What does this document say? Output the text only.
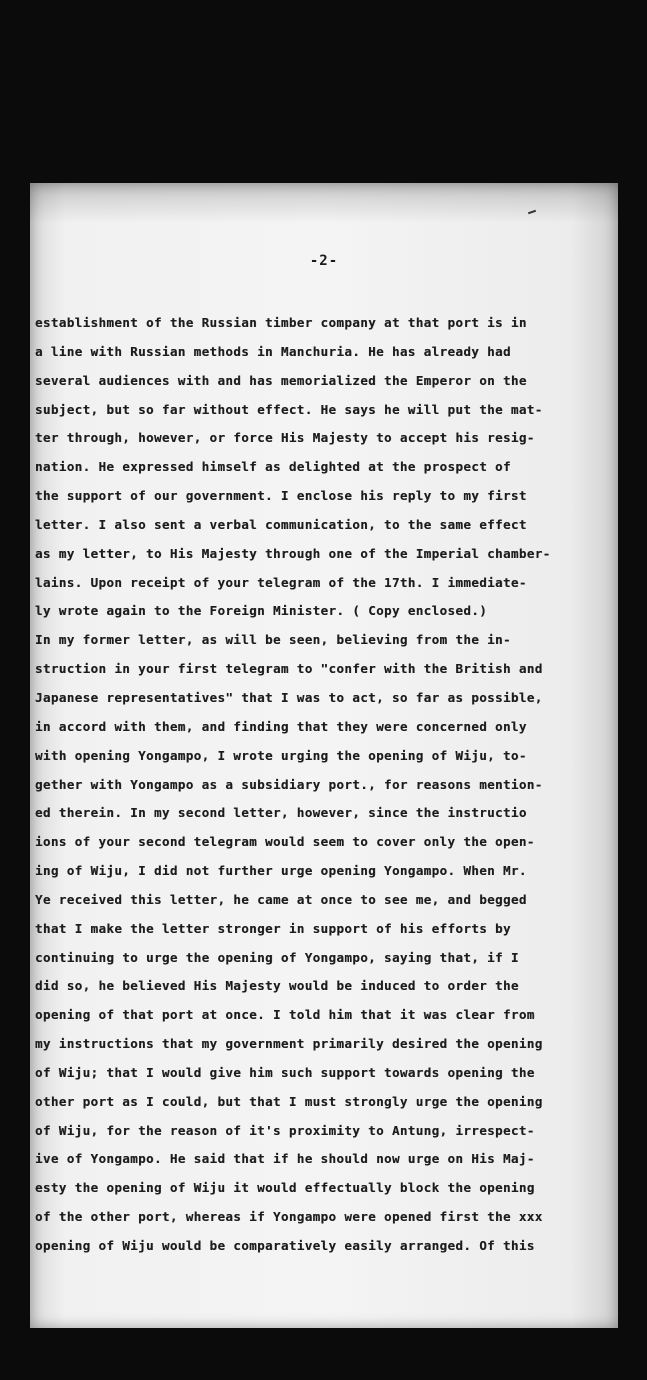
-2-
establishment of the Russian timber company at that port is in
a line with Russian methods in Manchuria. He has already had
several audiences with and has memorialized the Emperor on the
subject, but so far without effect. He says he will put the mat-
ter through, however, or force His Majesty to accept his resig-
nation. He expressed himself as delighted at the prospect of
the support of our government. I enclose his reply to my first
letter. I also sent a verbal communication, to the same effect
as my letter, to His Majesty through one of the Imperial chamber-
lains. Upon receipt of your telegram of the 17th. I immediate-
ly wrote again to the Foreign Minister. ( Copy enclosed.)
In my former letter, as will be seen, believing from the in-
struction in your first telegram to "confer with the British and
Japanese representatives" that I was to act, so far as possible,
in accord with them, and finding that they were concerned only
with opening Yongampo, I wrote urging the opening of Wiju, to-
gether with Yongampo as a subsidiary port., for reasons mention-
ed therein. In my second letter, however, since the instructio
ions of your second telegram would seem to cover only the open-
ing of Wiju, I did not further urge opening Yongampo. When Mr.
Ye received this letter, he came at once to see me, and begged
that I make the letter stronger in support of his efforts by
continuing to urge the opening of Yongampo, saying that, if I
did so, he believed His Majesty would be induced to order the
opening of that port at once. I told him that it was clear from
my instructions that my government primarily desired the opening
of Wiju; that I would give him such support towards opening the
other port as I could, but that I must strongly urge the opening
of Wiju, for the reason of it's proximity to Antung, irrespect-
ive of Yongampo. He said that if he should now urge on His Maj-
esty the opening of Wiju it would effectually block the opening
of the other port, whereas if Yongampo were opened first the xxx
opening of Wiju would be comparatively easily arranged. Of this
